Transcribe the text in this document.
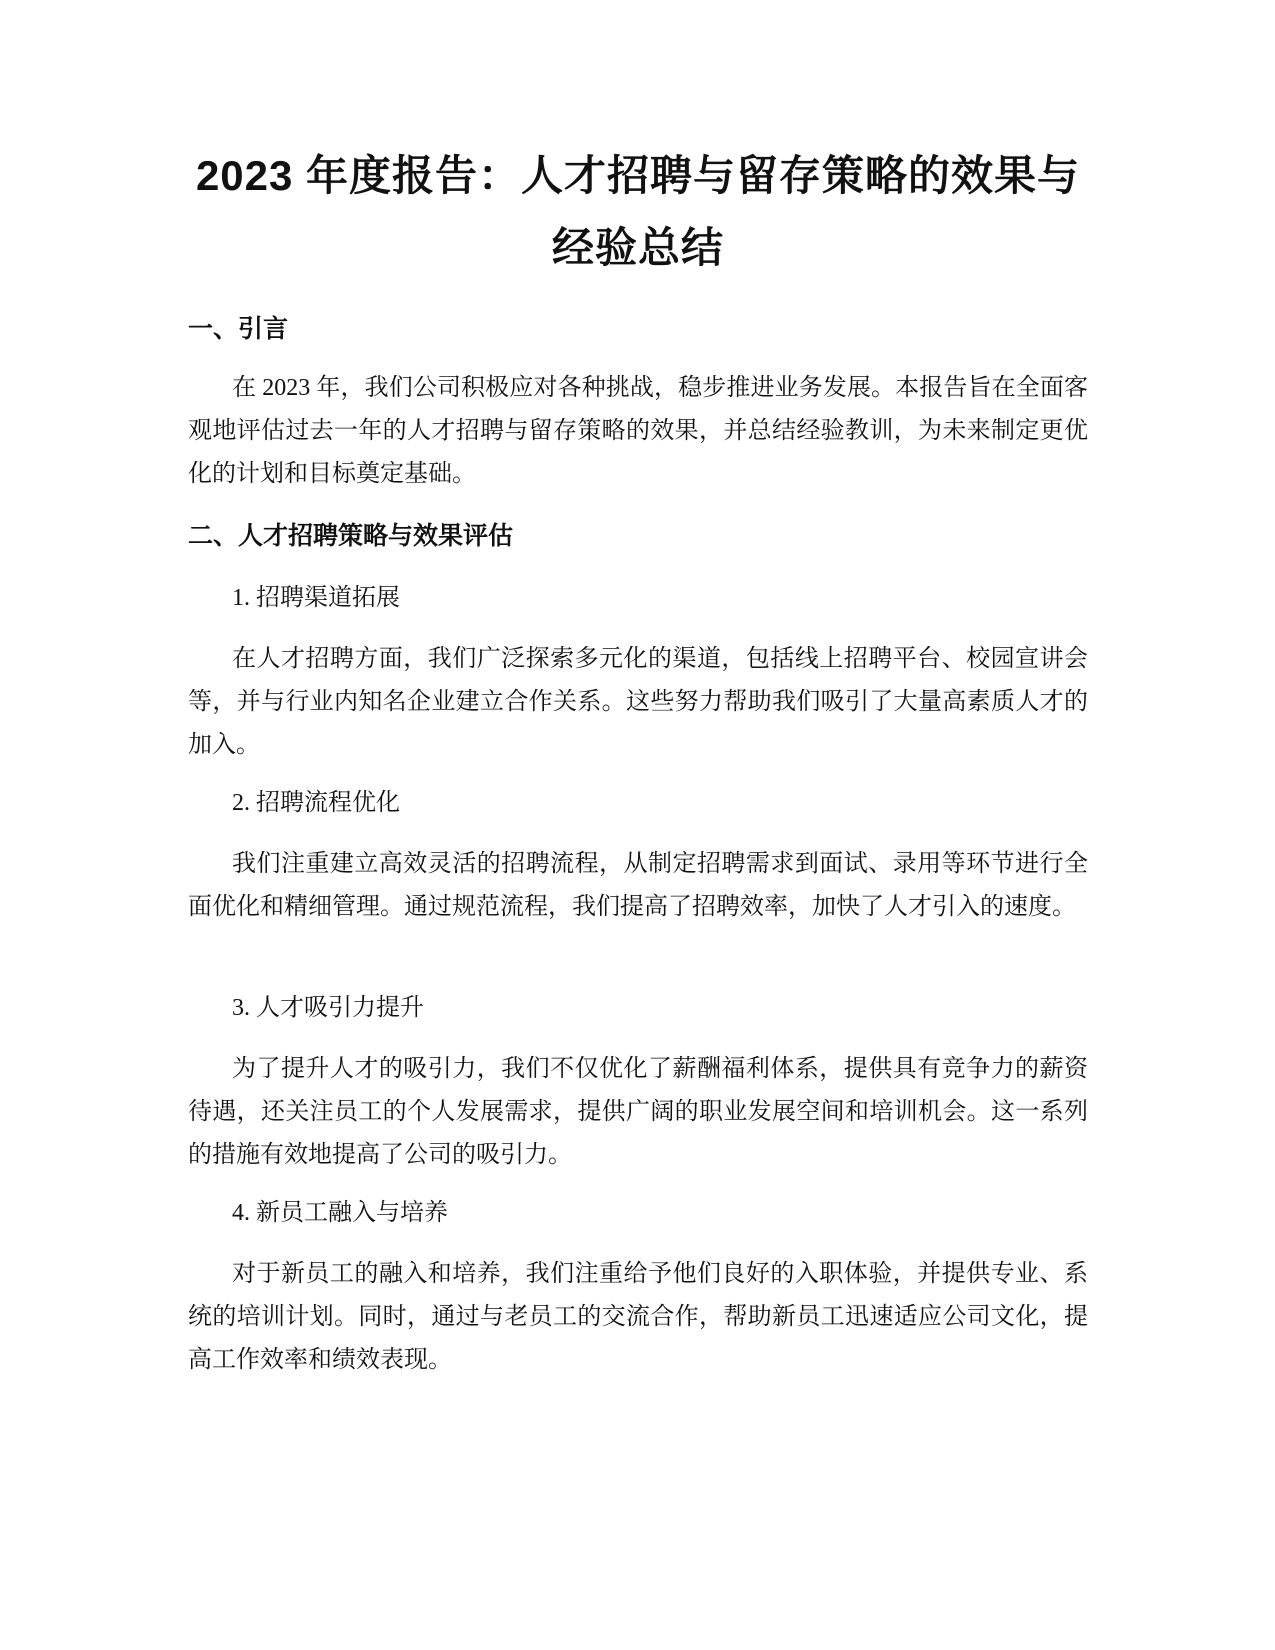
2023 年度报告：人才招聘与留存策略的效果与经验总结
一、引言

在 2023 年，我们公司积极应对各种挑战，稳步推进业务发展。本报告旨在全面客观地评估过去一年的人才招聘与留存策略的效果，并总结经验教训，为未来制定更优化的计划和目标奠定基础。

二、人才招聘策略与效果评估

1. 招聘渠道拓展

在人才招聘方面，我们广泛探索多元化的渠道，包括线上招聘平台、校园宣讲会等，并与行业内知名企业建立合作关系。这些努力帮助我们吸引了大量高素质人才的加入。

2. 招聘流程优化

我们注重建立高效灵活的招聘流程，从制定招聘需求到面试、录用等环节进行全面优化和精细管理。通过规范流程，我们提高了招聘效率，加快了人才引入的速度。

3. 人才吸引力提升

为了提升人才的吸引力，我们不仅优化了薪酬福利体系，提供具有竞争力的薪资待遇，还关注员工的个人发展需求，提供广阔的职业发展空间和培训机会。这一系列的措施有效地提高了公司的吸引力。

4. 新员工融入与培养

对于新员工的融入和培养，我们注重给予他们良好的入职体验，并提供专业、系统的培训计划。同时，通过与老员工的交流合作，帮助新员工迅速适应公司文化，提高工作效率和绩效表现。
